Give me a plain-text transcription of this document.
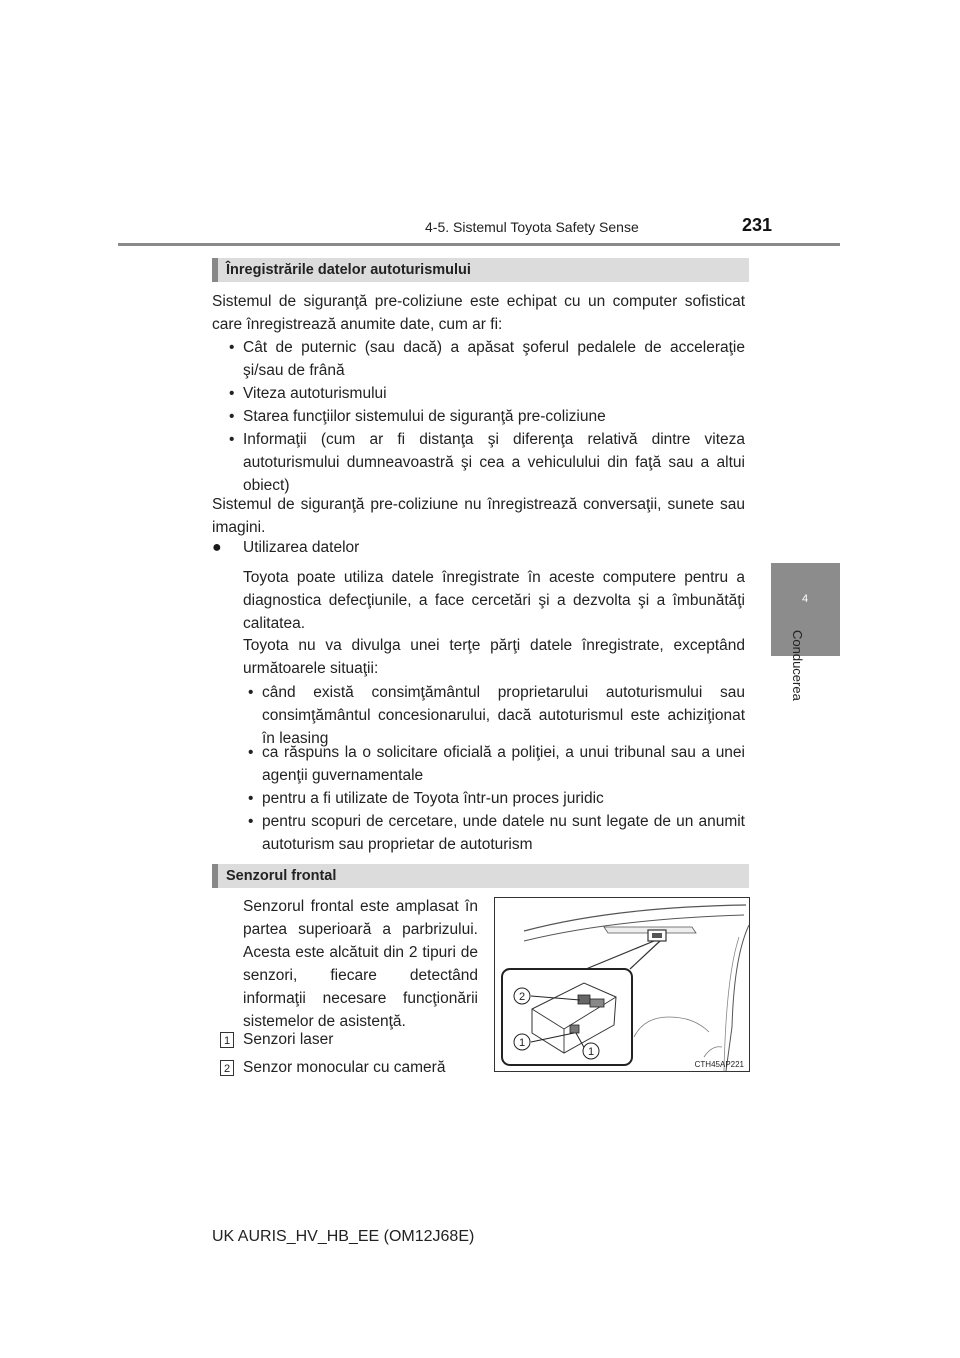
4-5. Sistemul Toyota Safety Sense	231
4
Conducerea
Înregistrările datelor autoturismului
Sistemul de siguranţă pre-coliziune este echipat cu un computer sofisticat care înregistrează anumite date, cum ar fi:
• Cât de puternic (sau dacă) a apăsat şoferul pedalele de acceleraţie şi/sau de frână
• Viteza autoturismului
• Starea funcţiilor sistemului de siguranţă pre-coliziune
• Informaţii (cum ar fi distanţa şi diferenţa relativă dintre viteza autoturismului dumneavoastră şi cea a vehiculului din faţă sau a altui obiect)
Sistemul de siguranţă pre-coliziune nu înregistrează conversaţii, sunete sau imagini.
●	Utilizarea datelor
Toyota poate utiliza datele înregistrate în aceste computere pentru a diagnostica defecţiunile, a face cercetări şi a dezvolta şi a îmbunătăţi calitatea.
Toyota nu va divulga unei terţe părţi datele înregistrate, exceptând următoarele situaţii:
• când există consimţământul proprietarului autoturismului sau consimţământul concesionarului, dacă autoturismul este achiziţionat în leasing
• ca răspuns la o solicitare oficială a poliţiei, a unui tribunal sau a unei agenţii guvernamentale
• pentru a fi utilizate de Toyota într-un proces juridic
• pentru scopuri de cercetare, unde datele nu sunt legate de un anumit autoturism sau proprietar de autoturism
Senzorul frontal
Senzorul frontal este amplasat în partea superioară a parbrizului. Acesta este alcătuit din 2 tipuri de senzori, fiecare detectând informaţii necesare funcţionării sistemelor de asistenţă.
1 Senzori laser
2 Senzor monocular cu cameră
2
1
1
CTH45AP221
UK AURIS_HV_HB_EE (OM12J68E)
